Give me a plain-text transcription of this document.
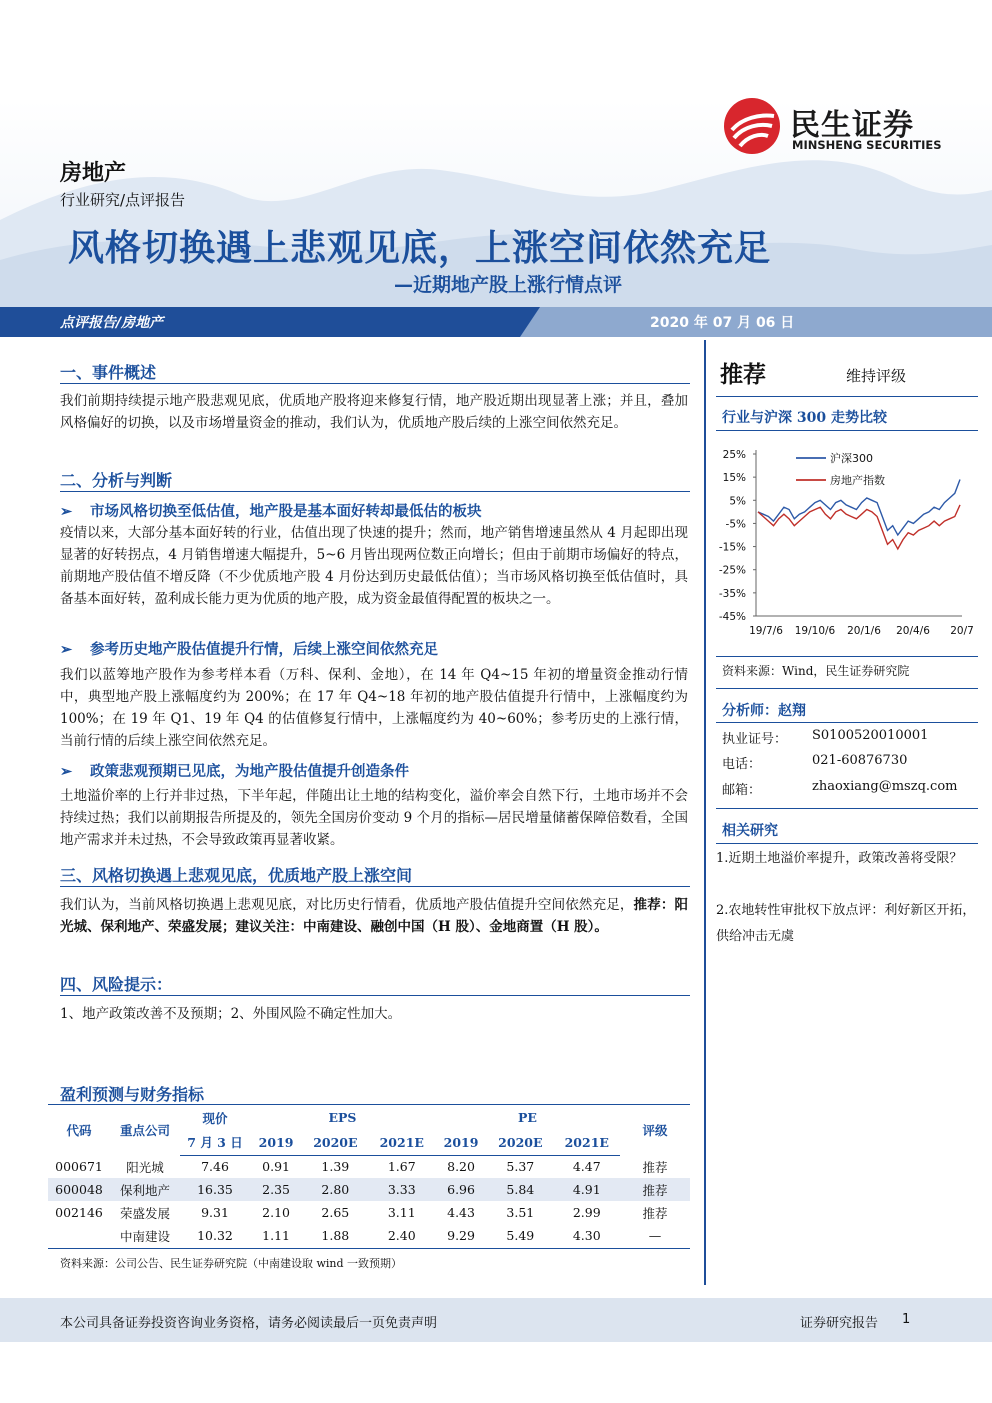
民生证券
MINSHENG SECURITIES
房地产
行业研究/点评报告
风格切换遇上悲观见底，上涨空间依然充足
—近期地产股上涨行情点评
点评报告/房地产	2020 年 07 月 06 日
一、事件概述
我们前期持续提示地产股悲观见底，优质地产股将迎来修复行情，地产股近期出现显著上涨；并且，叠加风格偏好的切换，以及市场增量资金的推动，我们认为，优质地产股后续的上涨空间依然充足。
二、分析与判断
➢ 市场风格切换至低估值，地产股是基本面好转却最低估的板块
疫情以来，大部分基本面好转的行业，估值出现了快速的提升；然而，地产销售增速虽然从 4 月起即出现显著的好转拐点，4 月销售增速大幅提升，5~6 月皆出现两位数正向增长；但由于前期市场偏好的特点，前期地产股估值不增反降（不少优质地产股 4 月份达到历史最低估值）；当市场风格切换至低估值时，具备基本面好转，盈利成长能力更为优质的地产股，成为资金最值得配置的板块之一。
➢ 参考历史地产股估值提升行情，后续上涨空间依然充足
我们以蓝筹地产股作为参考样本看（万科、保利、金地），在 14 年 Q4~15 年初的增量资金推动行情中，典型地产股上涨幅度约为 200%；在 17 年 Q4~18 年初的地产股估值提升行情中，上涨幅度约为 100%；在 19 年 Q1、19 年 Q4 的估值修复行情中，上涨幅度约为 40~60%；参考历史的上涨行情，当前行情的后续上涨空间依然充足。
➢ 政策悲观预期已见底，为地产股估值提升创造条件
土地溢价率的上行并非过热，下半年起，伴随出让土地的结构变化，溢价率会自然下行，土地市场并不会持续过热；我们以前期报告所提及的，领先全国房价变动 9 个月的指标—居民增量储蓄保障倍数看，全国地产需求并未过热，不会导致政策再显著收紧。
三、风格切换遇上悲观见底，优质地产股上涨空间
我们认为，当前风格切换遇上悲观见底，对比历史行情看，优质地产股估值提升空间依然充足，推荐：阳光城、保利地产、荣盛发展；建议关注：中南建设、融创中国（H 股）、金地商置（H 股）。
四、风险提示：
1、地产政策改善不及预期；2、外围风险不确定性加大。
推荐	维持评级
行业与沪深 300 走势比较
25%
15%
5%
-5%
-15%
-25%
-35%
-45%
19/7/6 19/10/6 20/1/6 20/4/6 20/7
沪深300
房地产指数
资料来源：Wind，民生证券研究院
分析师：赵翔
执业证号： S0100520010001
电话：	021-60876730
邮箱：	zhaoxiang@mszq.com
相关研究
1.近期土地溢价率提升，政策改善将受限？
2.农地转性审批权下放点评：利好新区开拓，供给冲击无虞
盈利预测与财务指标
代码	重点公司	现价	EPS			PE			评级
		7 月 3 日	2019	2020E	2021E	2019	2020E	2021E	
000671	阳光城	7.46	0.91	1.39	1.67	8.20	5.37	4.47	推荐
600048	保利地产	16.35	2.35	2.80	3.33	6.96	5.84	4.91	推荐
002146	荣盛发展	9.31	2.10	2.65	3.11	4.43	3.51	2.99	推荐
	中南建设	10.32	1.11	1.88	2.40	9.29	5.49	4.30	—
资料来源：公司公告、民生证券研究院（中南建设取 wind 一致预期）
本公司具备证券投资咨询业务资格，请务必阅读最后一页免责声明	证券研究报告 1
